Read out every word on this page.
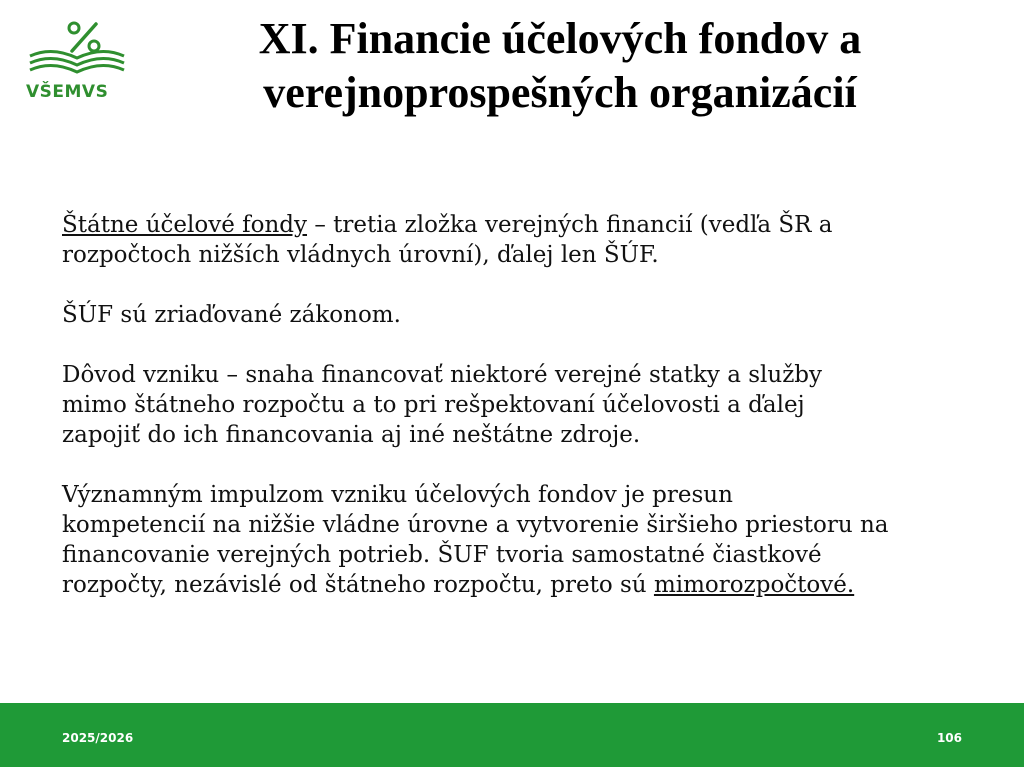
VŠEMVS
XI. Financie účelových fondov a
verejnoprospešných organizácií

Štátne účelové fondy – tretia zložka verejných financií (vedľa ŠR a
rozpočtoch nižších vládnych úrovní), ďalej len ŠÚF.

ŠÚF sú zriaďované zákonom.

Dôvod vzniku – snaha financovať niektoré verejné statky a služby
mimo štátneho rozpočtu a to pri rešpektovaní účelovosti a ďalej
zapojiť do ich financovania aj iné neštátne zdroje.

Významným impulzom vzniku účelových fondov je presun
kompetencií na nižšie vládne úrovne a vytvorenie širšieho priestoru na
financovanie verejných potrieb. ŠUF tvoria samostatné čiastkové
rozpočty, nezávislé od štátneho rozpočtu, preto sú mimorozpočtové.

2025/2026	106
